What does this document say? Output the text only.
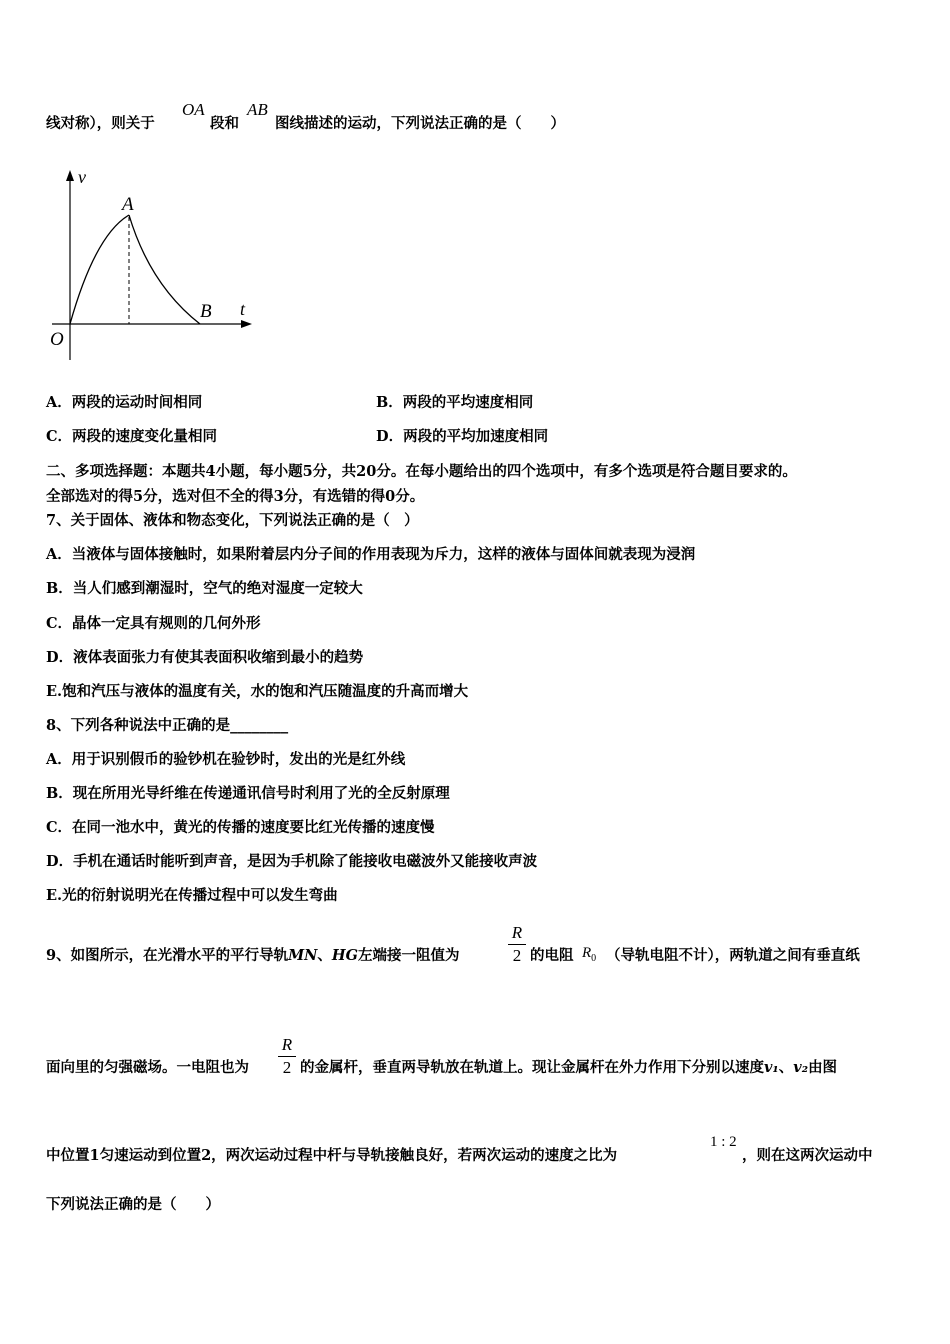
线对称），则关于
OA
段和
AB
图线描述的运动，下列说法正确的是（　　）
v
t
A
B
O
A．两段的运动时间相同	B．两段的平均速度相同
C．两段的速度变化量相同	D．两段的平均加速度相同
二、多项选择题：本题共4小题，每小题5分，共20分。在每小题给出的四个选项中，有多个选项是符合题目要求的。
全部选对的得5分，选对但不全的得3分，有选错的得0分。
7、关于固体、液体和物态变化，下列说法正确的是（　）
A．当液体与固体接触时，如果附着层内分子间的作用表现为斥力，这样的液体与固体间就表现为浸润
B．当人们感到潮湿时，空气的绝对湿度一定较大
C．晶体一定具有规则的几何外形
D．液体表面张力有使其表面积收缩到最小的趋势
E.饱和汽压与液体的温度有关，水的饱和汽压随温度的升高而增大
8、下列各种说法中正确的是________
A．用于识别假币的验钞机在验钞时，发出的光是红外线
B．现在所用光导纤维在传递通讯信号时利用了光的全反射原理
C．在同一池水中，黄光的传播的速度要比红光传播的速度慢
D．手机在通话时能听到声音，是因为手机除了能接收电磁波外又能接收声波
E.光的衍射说明光在传播过程中可以发生弯曲
9、如图所示，在光滑水平的平行导轨MN、HG左端接一阻值为
R
2 的电阻 $R_0$ （导轨电阻不计），两轨道之间有垂直纸
面向里的匀强磁场。一电阻也为
R
2 的金属杆，垂直两导轨放在轨道上。现让金属杆在外力作用下分别以速度v₁、v₂由图
中位置1匀速运动到位置2，两次运动过程中杆与导轨接触良好，若两次运动的速度之比为
1 : 2
，则在这两次运动中
下列说法正确的是（　　）
